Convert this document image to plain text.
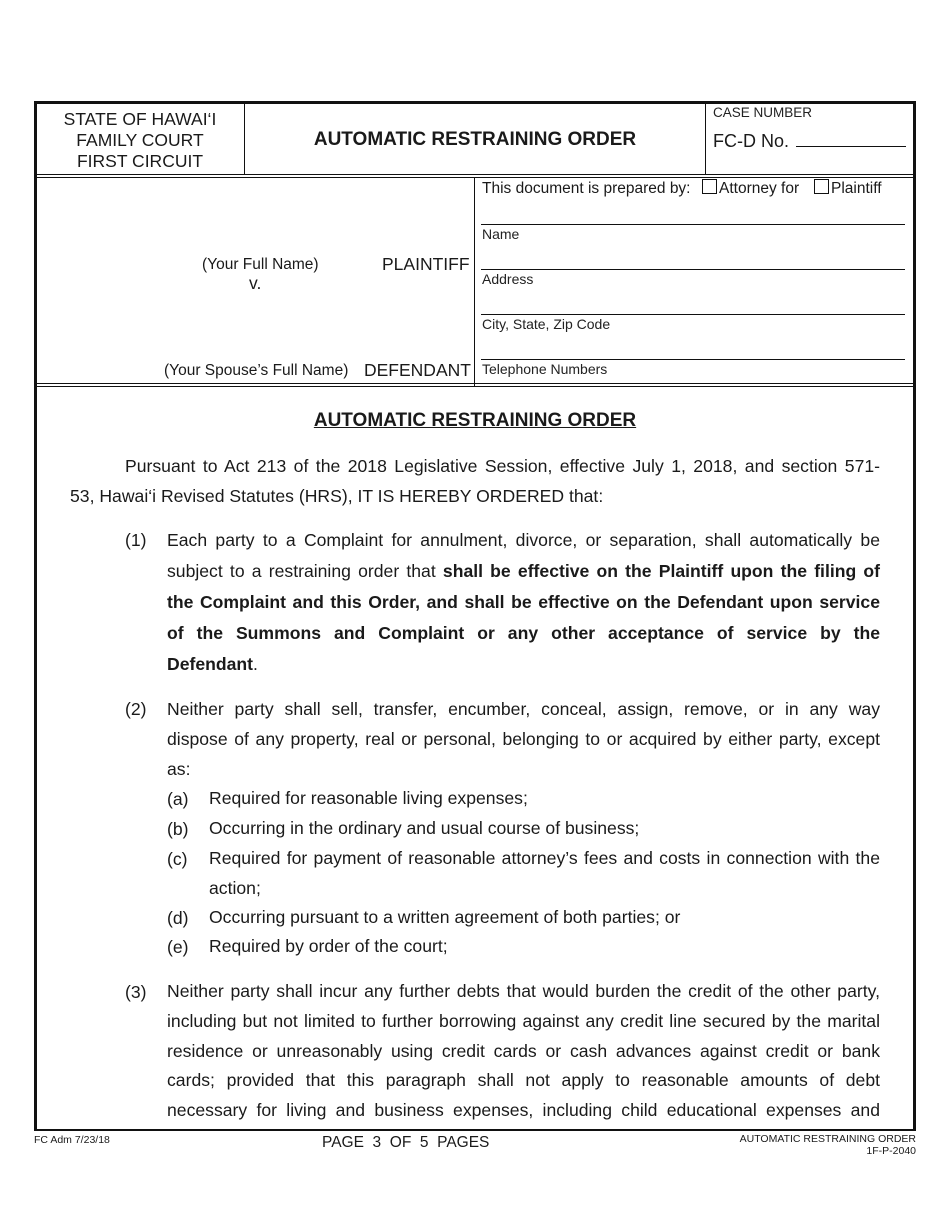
STATE OF HAWAI‘I
FAMILY COURT
FIRST CIRCUIT
AUTOMATIC RESTRAINING ORDER
CASE NUMBER
FC-D No.
(Your Full Name)	PLAINTIFF
v.
(Your Spouse’s Full Name) DEFENDANT
This document is prepared by: Attorney for Plaintiff
Name
Address
City, State, Zip Code
Telephone Numbers
AUTOMATIC RESTRAINING ORDER
Pursuant to Act 213 of the 2018 Legislative Session, effective July 1, 2018, and section 571-
53, Hawai‘i Revised Statutes (HRS), IT IS HEREBY ORDERED that:
(1) Each party to a Complaint for annulment, divorce, or separation, shall automatically be
subject to a restraining order that shall be effective on the Plaintiff upon the filing of
the Complaint and this Order, and shall be effective on the Defendant upon service
of the Summons and Complaint or any other acceptance of service by the
Defendant.
(2) Neither party shall sell, transfer, encumber, conceal, assign, remove, or in any way
dispose of any property, real or personal, belonging to or acquired by either party, except
as:
(a) Required for reasonable living expenses;
(b) Occurring in the ordinary and usual course of business;
(c) Required for payment of reasonable attorney’s fees and costs in connection with the
action;
(d) Occurring pursuant to a written agreement of both parties; or
(e) Required by order of the court;
(3) Neither party shall incur any further debts that would burden the credit of the other party,
including but not limited to further borrowing against any credit line secured by the marital
residence or unreasonably using credit cards or cash advances against credit or bank
cards; provided that this paragraph shall not apply to reasonable amounts of debt
necessary for living and business expenses, including child educational expenses and
FC Adm 7/23/18	PAGE  3  OF  5  PAGES	AUTOMATIC RESTRAINING ORDER
1F-P-2040
